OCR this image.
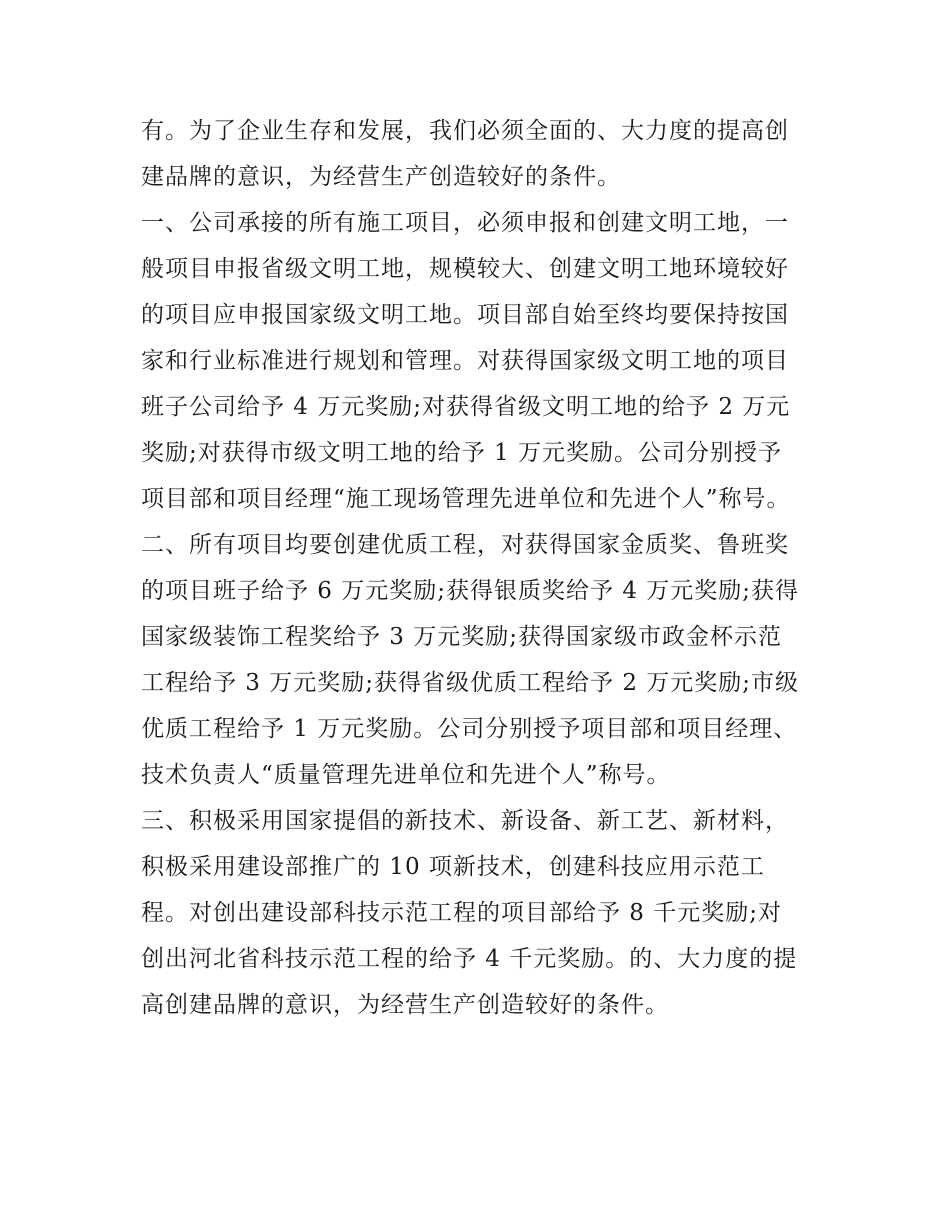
有。为了企业生存和发展，我们必须全面的、大力度的提高创
建品牌的意识，为经营生产创造较好的条件。
一、公司承接的所有施工项目，必须申报和创建文明工地，一
般项目申报省级文明工地，规模较大、创建文明工地环境较好
的项目应申报国家级文明工地。项目部自始至终均要保持按国
家和行业标准进行规划和管理。对获得国家级文明工地的项目
班子公司给予 4 万元奖励;对获得省级文明工地的给予 2 万元
奖励;对获得市级文明工地的给予 1 万元奖励。公司分别授予
项目部和项目经理“施工现场管理先进单位和先进个人”称号。
二、所有项目均要创建优质工程，对获得国家金质奖、鲁班奖
的项目班子给予 6 万元奖励;获得银质奖给予 4 万元奖励;获得
国家级装饰工程奖给予 3 万元奖励;获得国家级市政金杯示范
工程给予 3 万元奖励;获得省级优质工程给予 2 万元奖励;市级
优质工程给予 1 万元奖励。公司分别授予项目部和项目经理、
技术负责人“质量管理先进单位和先进个人”称号。
三、积极采用国家提倡的新技术、新设备、新工艺、新材料，
积极采用建设部推广的 10 项新技术，创建科技应用示范工
程。对创出建设部科技示范工程的项目部给予 8 千元奖励;对
创出河北省科技示范工程的给予 4 千元奖励。的、大力度的提
高创建品牌的意识，为经营生产创造较好的条件。
